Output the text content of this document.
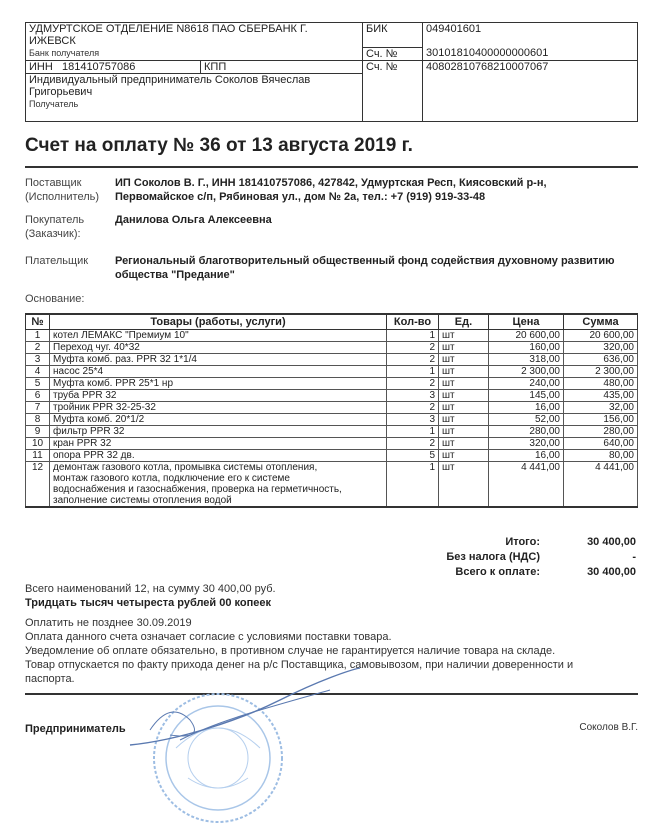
УДМУРТСКОЕ ОТДЕЛЕНИЕ N8618 ПАО СБЕРБАНК Г.
ИЖЕВСК		БИК	049401601
Банк получателя		Сч. №	30101810400000000601
ИНН 181410757086	КПП	Сч. №	40802810768210007067

Индивидуальный предприниматель Соколов Вячеслав
Григорьевич
Получатель			
Счет на оплату № 36 от 13 августа 2019 г.
Поставщик
(Исполнитель)
ИП Соколов В. Г., ИНН 181410757086, 427842, Удмуртская Респ, Киясовский р-н,
Первомайское с/п, Рябиновая ул., дом № 2а, тел.: +7 (919) 919-33-48
Покупатель
(Заказчик):
Данилова Ольга Алексеевна
Плательщик Региональный благотворительный общественный фонд содействия духовному развитию
общества "Предание"
Основание:
№	Товары (работы, услуги)	Кол-во	Ед.	Цена	Сумма
1	котел ЛЕМАКС "Премиум 10"	1	шт	20 600,00	20 600,00
2	Переход чуг. 40*32	2	шт	160,00	320,00
3	Муфта комб. раз. PPR 32 1*1/4	2	шт	318,00	636,00
4	насос 25*4	1	шт	2 300,00	2 300,00
5	Муфта комб. PPR 25*1 нр	2	шт	240,00	480,00
6	труба PPR 32	3	шт	145,00	435,00
7	тройник PPR 32-25-32	2	шт	16,00	32,00
8	Муфта комб. 20*1/2	3	шт	52,00	156,00
9	фильтр PPR 32	1	шт	280,00	280,00
10	кран PPR 32	2	шт	320,00	640,00
11	опора PPR 32 дв.	5	шт	16,00	80,00
12	демонтаж газового котла, промывка системы отопления,
монтаж газового котла, подключение его к системе
водоснабжения и газоснабжения, проверка на герметичность,
заполнение системы отопления водой	1	шт	4 441,00	4 441,00
Итого:	30 400,00
Без налога (НДС)	-
Всего к оплате:	30 400,00
Всего наименований 12, на сумму 30 400,00 руб.
Тридцать тысяч четыреста рублей 00 копеек
Оплатить не позднее 30.09.2019
Оплата данного счета означает согласие с условиями поставки товара.
Уведомление об оплате обязательно, в противном случае не гарантируется наличие товара на складе.
Товар отпускается по факту прихода денег на р/с Поставщика, самовывозом, при наличии доверенности и
паспорта.
Предприниматель	Соколов В.Г.
